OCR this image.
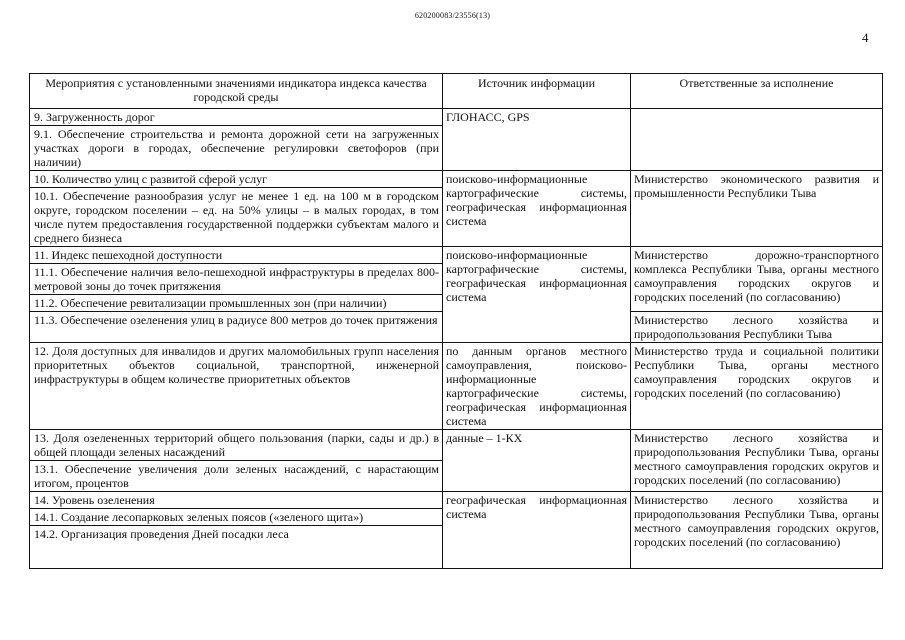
620200083/23556(13)
4
Мероприятия с установленными значениями индикатора индекса качества городской среды	Источник информации	Ответственные за исполнение
9. Загруженность дорог	ГЛОНАСС, GPS	
9.1. Обеспечение строительства и ремонта дорожной сети на загруженных участках дороги в городах, обеспечение регулировки светофоров (при наличии)		
10. Количество улиц с развитой сферой услуг	поисково-информационные картографические системы, географическая информационная система	Министерство экономического развития и промышленности Республики Тыва
10.1. Обеспечение разнообразия услуг не менее 1 ед. на 100 м в городском округе, городском поселении – ед. на 50% улицы – в малых городах, в том числе путем предоставления государственной поддержки субъектам малого и среднего бизнеса		
11. Индекс пешеходной доступности	поисково-информационные картографические системы, географическая информационная система	Министерство дорожно-транспортного комплекса Республики Тыва, органы местного самоуправления городских округов и городских поселений (по согласованию)
11.1. Обеспечение наличия вело-пешеходной инфраструктуры в пределах 800-метровой зоны до точек притяжения		
11.2. Обеспечение ревитализации промышленных зон (при наличии)		
11.3. Обеспечение озеленения улиц в радиусе 800 метров до точек притяжения		Министерство лесного хозяйства и природопользования Республики Тыва
12. Доля доступных для инвалидов и других маломобильных групп населения приоритетных объектов социальной, транспортной, инженерной инфраструктуры в общем количестве приоритетных объектов	по данным органов местного самоуправления, поисково-информационные картографические системы, географическая информационная система	Министерство труда и социальной политики Республики Тыва, органы местного самоуправления городских округов и городских поселений (по согласованию)
13. Доля озелененных территорий общего пользования (парки, сады и др.) в общей площади зеленых насаждений	данные – 1-КХ	Министерство лесного хозяйства и природопользования Республики Тыва, органы местного самоуправления городских округов и городских поселений (по согласованию)
13.1. Обеспечение увеличения доли зеленых насаждений, с нарастающим итогом, процентов		
14. Уровень озеленения	географическая информационная система	Министерство лесного хозяйства и природопользования Республики Тыва, органы местного самоуправления городских округов, городских поселений (по согласованию)
14.1. Создание лесопарковых зеленых поясов («зеленого щита»)		
14.2. Организация проведения Дней посадки леса		
